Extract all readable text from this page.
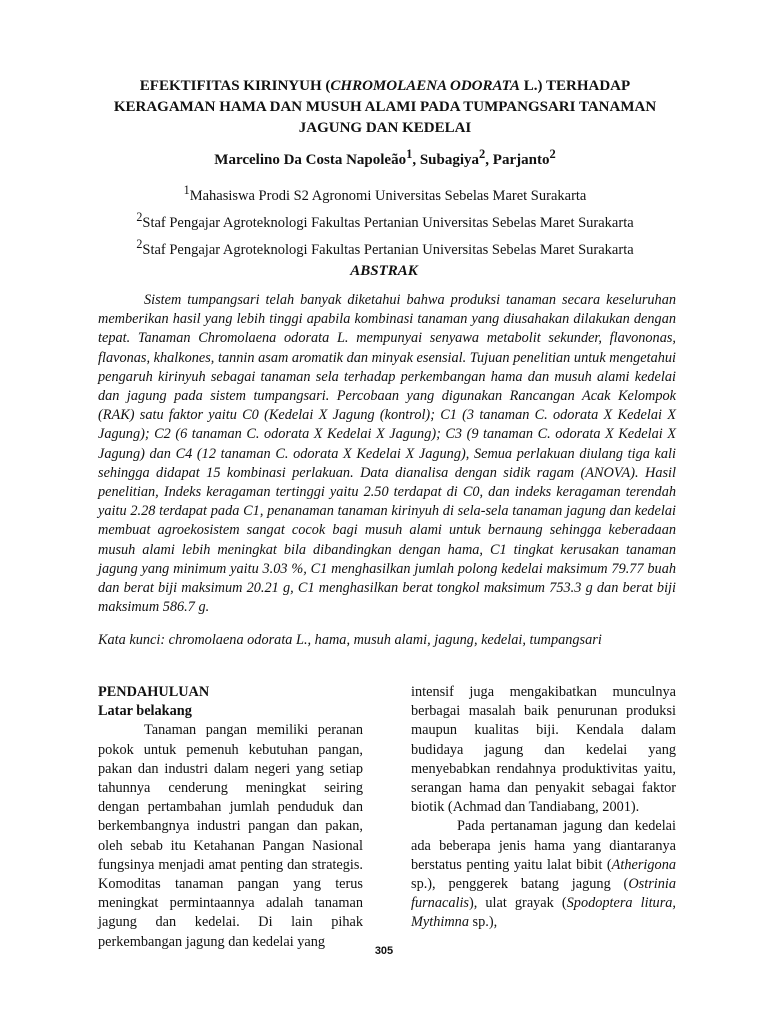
EFEKTIFITAS KIRINYUH (CHROMOLAENA ODORATA L.) TERHADAP KERAGAMAN HAMA DAN MUSUH ALAMI PADA TUMPANGSARI TANAMAN JAGUNG DAN KEDELAI
Marcelino Da Costa Napoleão$^1$, Subagiya$^2$, Parjanto$^2$
$^1$Mahasiswa Prodi S2 Agronomi Universitas Sebelas Maret Surakarta
$^2$Staf Pengajar Agroteknologi Fakultas Pertanian Universitas Sebelas Maret Surakarta
$^2$Staf Pengajar Agroteknologi Fakultas Pertanian Universitas Sebelas Maret Surakarta
ABSTRAK

Sistem tumpangsari telah banyak diketahui bahwa produksi tanaman secara keseluruhan memberikan hasil yang lebih tinggi apabila kombinasi tanaman yang diusahakan dilakukan dengan tepat. Tanaman Chromolaena odorata L. mempunyai senyawa metabolit sekunder, flavononas, flavonas, khalkones, tannin asam aromatik dan minyak esensial. Tujuan penelitian untuk mengetahui pengaruh kirinyuh sebagai tanaman sela terhadap perkembangan hama dan musuh alami kedelai dan jagung pada sistem tumpangsari. Percobaan yang digunakan Rancangan Acak Kelompok (RAK) satu faktor yaitu C0 (Kedelai X Jagung (kontrol); C1 (3 tanaman C. odorata X Kedelai X Jagung); C2 (6 tanaman C. odorata X Kedelai X Jagung); C3 (9 tanaman C. odorata X Kedelai X Jagung) dan C4 (12 tanaman C. odorata X Kedelai X Jagung), Semua perlakuan diulang tiga kali sehingga didapat 15 kombinasi perlakuan. Data dianalisa dengan sidik ragam (ANOVA). Hasil penelitian, Indeks keragaman tertinggi yaitu 2.50 terdapat di C0, dan indeks keragaman terendah yaitu 2.28 terdapat pada C1, penanaman tanaman kirinyuh di sela-sela tanaman jagung dan kedelai membuat agroekosistem sangat cocok bagi musuh alami untuk bernaung sehingga keberadaan musuh alami lebih meningkat bila dibandingkan dengan hama, C1 tingkat kerusakan tanaman jagung yang minimum yaitu 3.03 %, C1 menghasilkan jumlah polong kedelai maksimum 79.77 buah dan berat biji maksimum 20.21 g, C1 menghasilkan berat tongkol maksimum 753.3 g dan berat biji maksimum 586.7 g.

Kata kunci: chromolaena odorata L., hama, musuh alami, jagung, kedelai, tumpangsari

PENDAHULUAN
Latar belakang

Tanaman pangan memiliki peranan pokok untuk pemenuh kebutuhan pangan, pakan dan industri dalam negeri yang setiap tahunnya cenderung meningkat seiring dengan pertambahan jumlah penduduk dan berkembangnya industri pangan dan pakan, oleh sebab itu Ketahanan Pangan Nasional fungsinya menjadi amat penting dan strategis. Komoditas tanaman pangan yang terus meningkat permintaannya adalah tanaman jagung dan kedelai. Di lain pihak perkembangan jagung dan kedelai yang

intensif juga mengakibatkan munculnya berbagai masalah baik penurunan produksi maupun kualitas biji. Kendala dalam budidaya jagung dan kedelai yang menyebabkan rendahnya produktivitas yaitu, serangan hama dan penyakit sebagai faktor biotik (Achmad dan Tandiabang, 2001).

Pada pertanaman jagung dan kedelai ada beberapa jenis hama yang diantaranya berstatus penting yaitu lalat bibit (Atherigona sp.), penggerek batang jagung (Ostrinia furnacalis), ulat grayak (Spodoptera litura, Mythimna sp.),

305
